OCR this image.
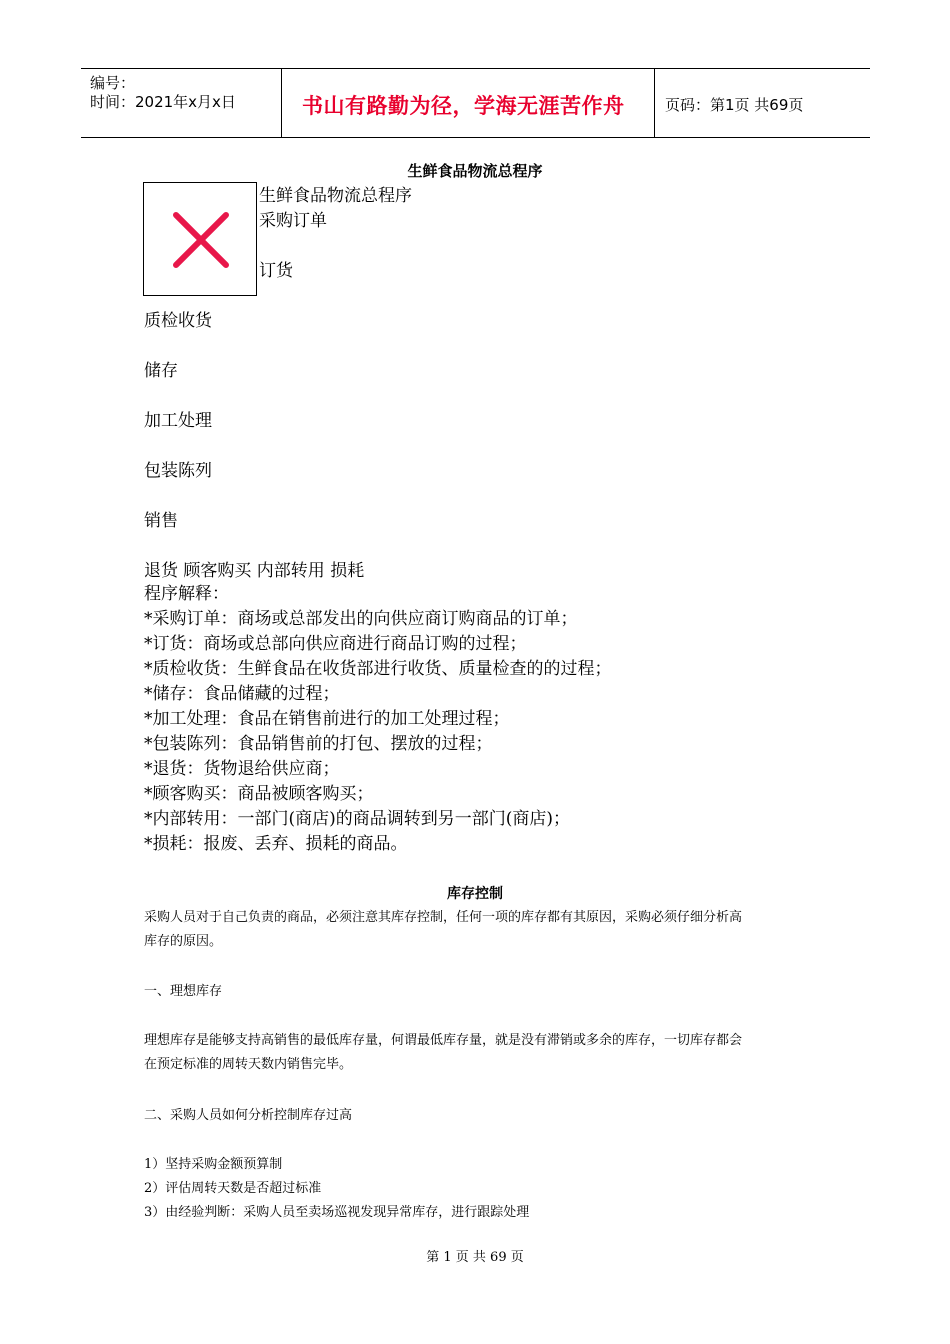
编号：
时间：2021年x月x日	书山有路勤为径，学海无涯苦作舟	页码：第1页 共69页
生鲜食品物流总程序
生鲜食品物流总程序
采购订单
订货
质检收货
储存
加工处理
包装陈列
销售
退货 顾客购买 内部转用 损耗
程序解释：
*采购订单：商场或总部发出的向供应商订购商品的订单；
*订货：商场或总部向供应商进行商品订购的过程；
*质检收货：生鲜食品在收货部进行收货、质量检查的的过程；
*储存：食品储藏的过程；
*加工处理：食品在销售前进行的加工处理过程；
*包装陈列：食品销售前的打包、摆放的过程；
*退货：货物退给供应商；
*顾客购买：商品被顾客购买；
*内部转用：一部门(商店)的商品调转到另一部门(商店)；
*损耗：报废、丢弃、损耗的商品。
库存控制
采购人员对于自己负责的商品，必须注意其库存控制，任何一项的库存都有其原因，采购必须仔细分析高
库存的原因。
一、理想库存
理想库存是能够支持高销售的最低库存量，何谓最低库存量，就是没有滞销或多余的库存，一切库存都会
在预定标准的周转天数内销售完毕。
二、采购人员如何分析控制库存过高
1）坚持采购金额预算制
2）评估周转天数是否超过标准
3）由经验判断：采购人员至卖场巡视发现异常库存，进行跟踪处理
第 1 页 共 69 页
